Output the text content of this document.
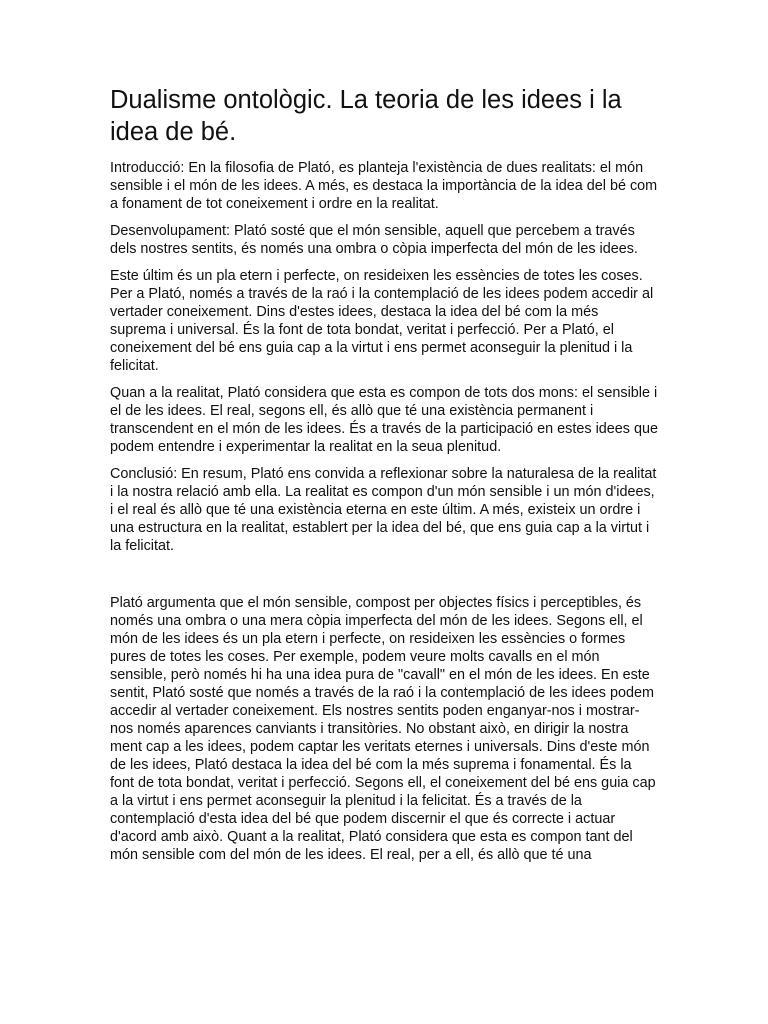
Dualisme ontològic. La teoria de les idees i la idea de bé.

Introducció: En la filosofia de Plató, es planteja l'existència de dues realitats: el món sensible i el món de les idees. A més, es destaca la importància de la idea del bé com a fonament de tot coneixement i ordre en la realitat.

Desenvolupament: Plató sosté que el món sensible, aquell que percebem a través dels nostres sentits, és només una ombra o còpia imperfecta del món de les idees.

Este últim és un pla etern i perfecte, on resideixen les essències de totes les coses. Per a Plató, només a través de la raó i la contemplació de les idees podem accedir al vertader coneixement. Dins d'estes idees, destaca la idea del bé com la més suprema i universal. És la font de tota bondat, veritat i perfecció. Per a Plató, el coneixement del bé ens guia cap a la virtut i ens permet aconseguir la plenitud i la felicitat.

Quan a la realitat, Plató considera que esta es compon de tots dos mons: el sensible i el de les idees. El real, segons ell, és allò que té una existència permanent i transcendent en el món de les idees. És a través de la participació en estes idees que podem entendre i experimentar la realitat en la seua plenitud.

Conclusió: En resum, Plató ens convida a reflexionar sobre la naturalesa de la realitat i la nostra relació amb ella. La realitat es compon d'un món sensible i un món d'idees, i el real és allò que té una existència eterna en este últim. A més, existeix un ordre i una estructura en la realitat, establert per la idea del bé, que ens guia cap a la virtut i la felicitat.

Plató argumenta que el món sensible, compost per objectes físics i perceptibles, és només una ombra o una mera còpia imperfecta del món de les idees. Segons ell, el món de les idees és un pla etern i perfecte, on resideixen les essències o formes pures de totes les coses. Per exemple, podem veure molts cavalls en el món sensible, però només hi ha una idea pura de "cavall" en el món de les idees. En este sentit, Plató sosté que només a través de la raó i la contemplació de les idees podem accedir al vertader coneixement. Els nostres sentits poden enganyar-nos i mostrar-nos només aparences canviants i transitòries. No obstant això, en dirigir la nostra ment cap a les idees, podem captar les veritats eternes i universals. Dins d'este món de les idees, Plató destaca la idea del bé com la més suprema i fonamental. És la font de tota bondat, veritat i perfecció. Segons ell, el coneixement del bé ens guia cap a la virtut i ens permet aconseguir la plenitud i la felicitat. És a través de la contemplació d'esta idea del bé que podem discernir el que és correcte i actuar d'acord amb això. Quant a la realitat, Plató considera que esta es compon tant del món sensible com del món de les idees. El real, per a ell, és allò que té una
